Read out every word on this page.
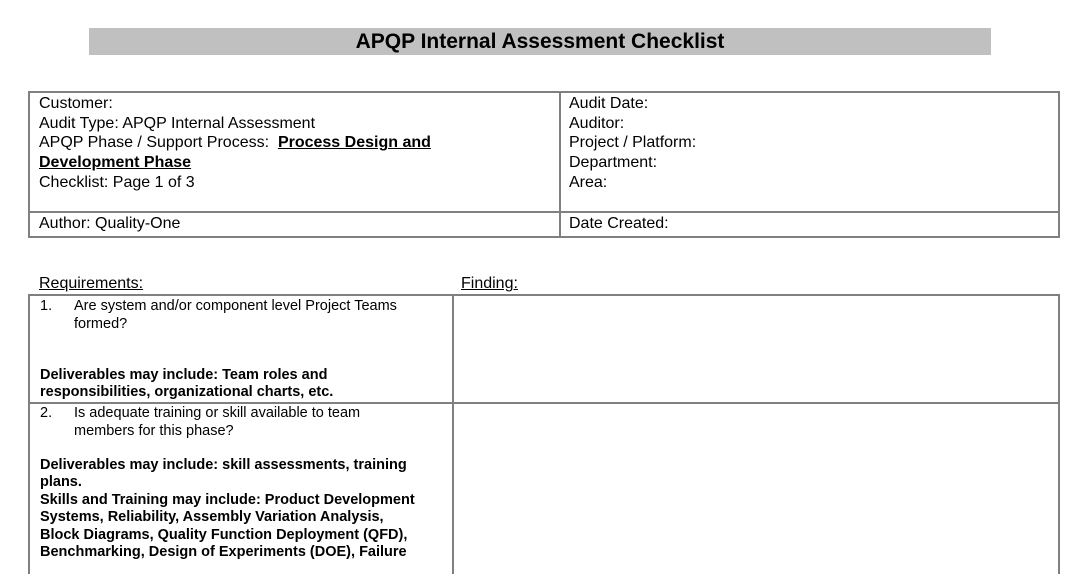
APQP Internal Assessment Checklist
Customer:
Audit Type: APQP Internal Assessment
APQP Phase / Support Process: Process Design and
Development Phase
Checklist: Page 1 of 3
Author: Quality-One
Audit Date:
Auditor:
Project / Platform:
Department:
Area:
Date Created:
Requirements:	Finding:
1. Are system and/or component level Project Teams
formed?
Deliverables may include: Team roles and
responsibilities, organizational charts, etc.
2. Is adequate training or skill available to team
members for this phase?
Deliverables may include: skill assessments, training
plans.
Skills and Training may include: Product Development
Systems, Reliability, Assembly Variation Analysis,
Block Diagrams, Quality Function Deployment (QFD),
Benchmarking, Design of Experiments (DOE), Failure
